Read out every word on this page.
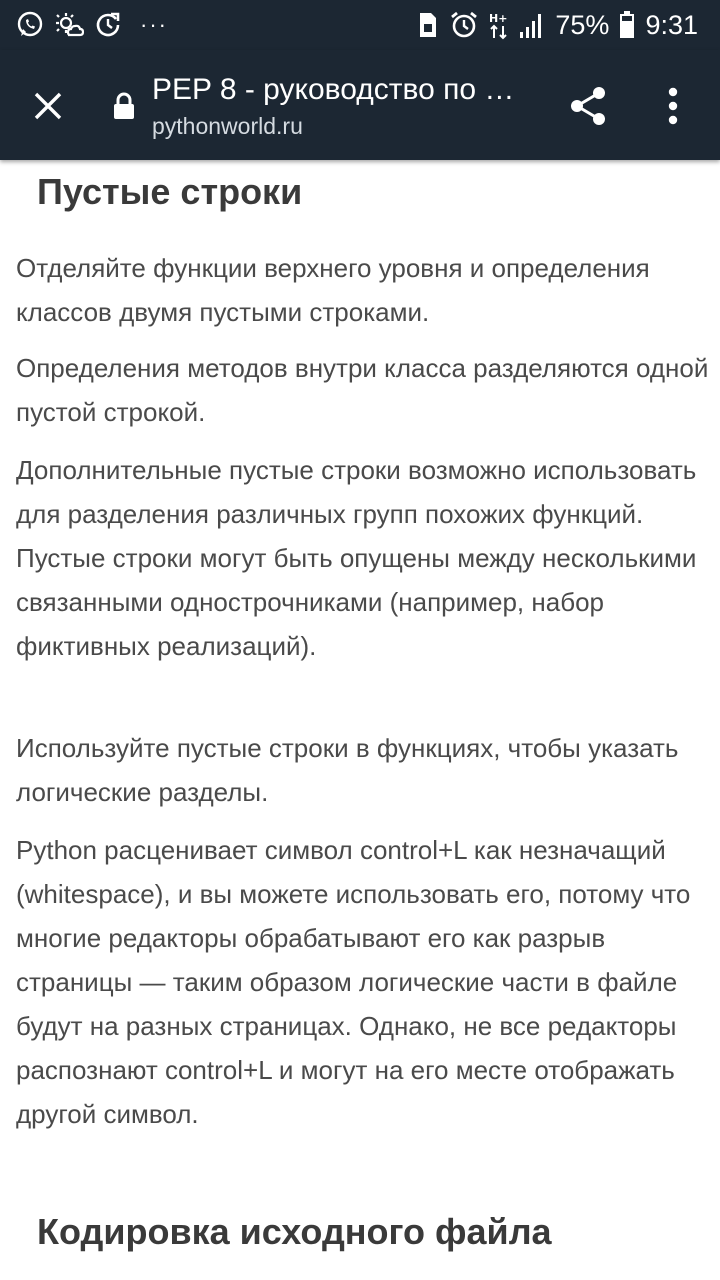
···	H+ 75% 9:31
PEP 8 - руководство по …
pythonworld.ru
Пустые строки

Отделяйте функции верхнего уровня и определения классов двумя пустыми строками.

Определения методов внутри класса разделяются одной пустой строкой.

Дополнительные пустые строки возможно использовать для разделения различных групп похожих функций. Пустые строки могут быть опущены между несколькими связанными однострочниками (например, набор фиктивных реализаций).

Используйте пустые строки в функциях, чтобы указать логические разделы.

Python расценивает символ control+L как незначащий (whitespace), и вы можете использовать его, потому что многие редакторы обрабатывают его как разрыв страницы — таким образом логические части в файле будут на разных страницах. Однако, не все редакторы распознают control+L и могут на его месте отображать другой символ.

Кодировка исходного файла
